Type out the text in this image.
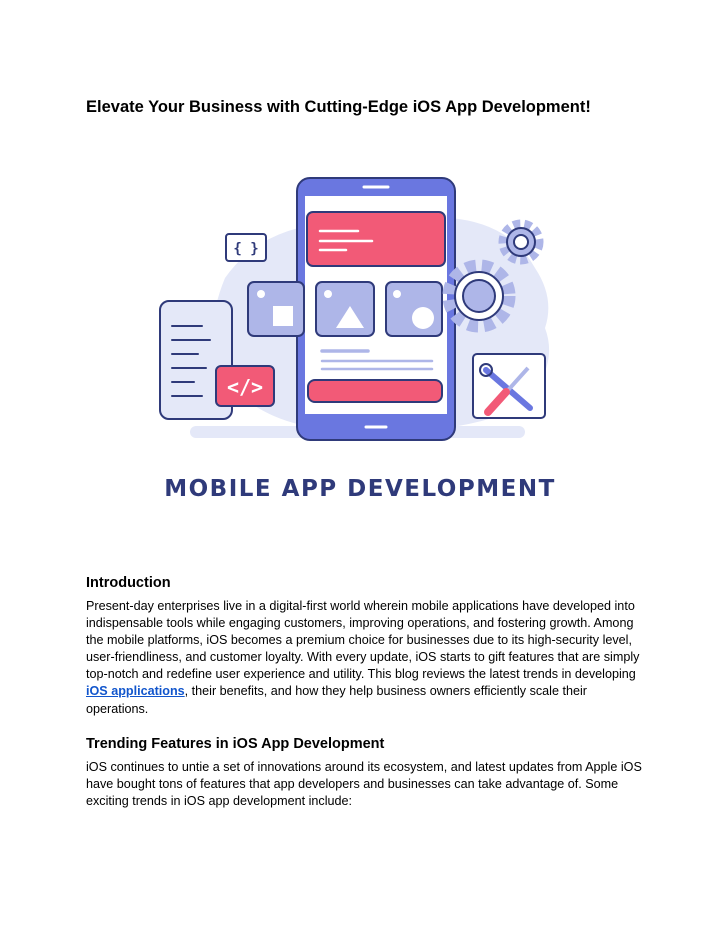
Elevate Your Business with Cutting-Edge iOS App Development!
</>
{ }
MOBILE APP DEVELOPMENT
Introduction

Present-day enterprises live in a digital-first world wherein mobile applications have developed into indispensable tools while engaging customers, improving operations, and fostering growth. Among the mobile platforms, iOS becomes a premium choice for businesses due to its high-security level, user-friendliness, and customer loyalty. With every update, iOS starts to gift features that are simply top-notch and redefine user experience and utility. This blog reviews the latest trends in developing iOS applications, their benefits, and how they help business owners efficiently scale their operations.

Trending Features in iOS App Development

iOS continues to untie a set of innovations around its ecosystem, and latest updates from Apple iOS have bought tons of features that app developers and businesses can take advantage of. Some exciting trends in iOS app development include:
